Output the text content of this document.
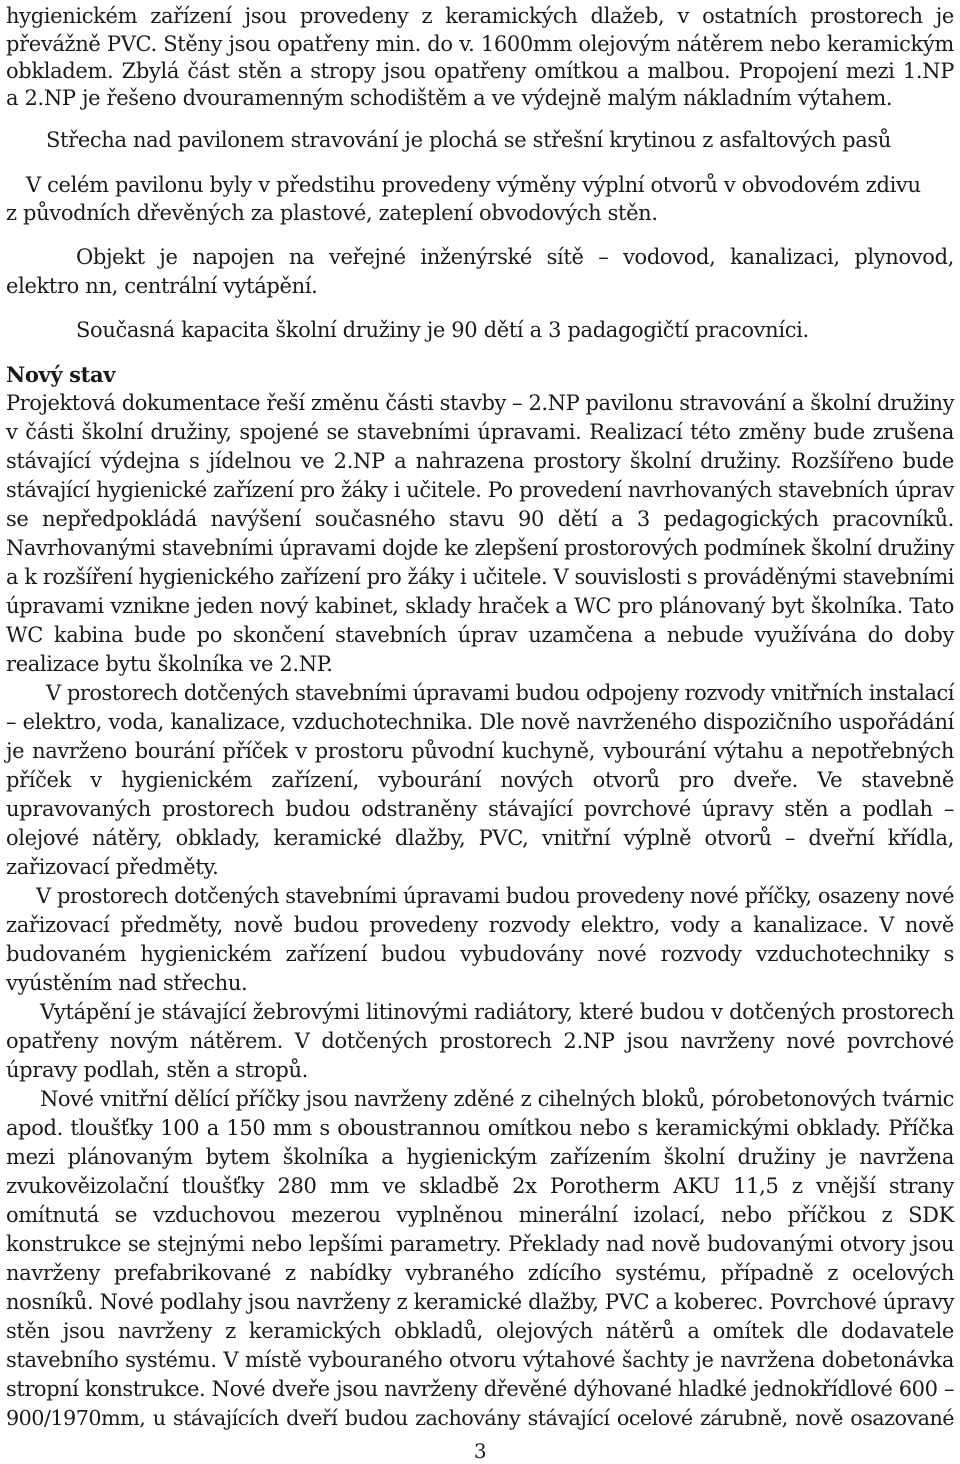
hygienickém zařízení jsou provedeny z keramických dlažeb, v ostatních prostorech je
převážně PVC. Stěny jsou opatřeny min. do v. 1600mm olejovým nátěrem nebo keramickým
obkladem. Zbylá část stěn a stropy jsou opatřeny omítkou a malbou. Propojení mezi 1.NP
a 2.NP je řešeno dvouramenným schodištěm a ve výdejně malým nákladním výtahem.
Střecha nad pavilonem stravování je plochá se střešní krytinou z asfaltových pasů
V celém pavilonu byly v předstihu provedeny výměny výplní otvorů v obvodovém zdivu
z původních dřevěných za plastové, zateplení obvodových stěn.
Objekt je napojen na veřejné inženýrské sítě – vodovod, kanalizaci, plynovod,
elektro nn, centrální vytápění.
Současná kapacita školní družiny je 90 dětí a 3 padagogičtí pracovníci.
Nový stav
Projektová dokumentace řeší změnu části stavby – 2.NP pavilonu stravování a školní družiny
v části školní družiny, spojené se stavebními úpravami. Realizací této změny bude zrušena
stávající výdejna s jídelnou ve 2.NP a nahrazena prostory školní družiny. Rozšířeno bude
stávající hygienické zařízení pro žáky i učitele. Po provedení navrhovaných stavebních úprav
se nepředpokládá navýšení současného stavu 90 dětí a 3 pedagogických pracovníků.
Navrhovanými stavebními úpravami dojde ke zlepšení prostorových podmínek školní družiny
a k rozšíření hygienického zařízení pro žáky i učitele. V souvislosti s prováděnými stavebními
úpravami vznikne jeden nový kabinet, sklady hraček a WC pro plánovaný byt školníka. Tato
WC kabina bude po skončení stavebních úprav uzamčena a nebude využívána do doby
realizace bytu školníka ve 2.NP.
V prostorech dotčených stavebními úpravami budou odpojeny rozvody vnitřních instalací
– elektro, voda, kanalizace, vzduchotechnika. Dle nově navrženého dispozičního uspořádání
je navrženo bourání příček v prostoru původní kuchyně, vybourání výtahu a nepotřebných
příček v hygienickém zařízení, vybourání nových otvorů pro dveře. Ve stavebně
upravovaných prostorech budou odstraněny stávající povrchové úpravy stěn a podlah –
olejové nátěry, obklady, keramické dlažby, PVC, vnitřní výplně otvorů – dveřní křídla,
zařizovací předměty.
V prostorech dotčených stavebními úpravami budou provedeny nové příčky, osazeny nové
zařizovací předměty, nově budou provedeny rozvody elektro, vody a kanalizace. V nově
budovaném hygienickém zařízení budou vybudovány nové rozvody vzduchotechniky s
vyústěním nad střechu.
Vytápění je stávající žebrovými litinovými radiátory, které budou v dotčených prostorech
opatřeny novým nátěrem. V dotčených prostorech 2.NP jsou navrženy nové povrchové
úpravy podlah, stěn a stropů.
Nové vnitřní dělící příčky jsou navrženy zděné z cihelných bloků, pórobetonových tvárnic
apod. tloušťky 100 a 150 mm s oboustrannou omítkou nebo s keramickými obklady. Příčka
mezi plánovaným bytem školníka a hygienickým zařízením školní družiny je navržena
zvukověizolační tloušťky 280 mm ve skladbě 2x Porotherm AKU 11,5 z vnější strany
omítnutá se vzduchovou mezerou vyplněnou minerální izolací, nebo příčkou z SDK
konstrukce se stejnými nebo lepšími parametry. Překlady nad nově budovanými otvory jsou
navrženy prefabrikované z nabídky vybraného zdícího systému, případně z ocelových
nosníků. Nové podlahy jsou navrženy z keramické dlažby, PVC a koberec. Povrchové úpravy
stěn jsou navrženy z keramických obkladů, olejových nátěrů a omítek dle dodavatele
stavebního systému. V místě vybouraného otvoru výtahové šachty je navržena dobetonávka
stropní konstrukce. Nové dveře jsou navrženy dřevěné dýhované hladké jednokřídlové 600 –
900/1970mm, u stávajících dveří budou zachovány stávající ocelové zárubně, nově osazované
3
